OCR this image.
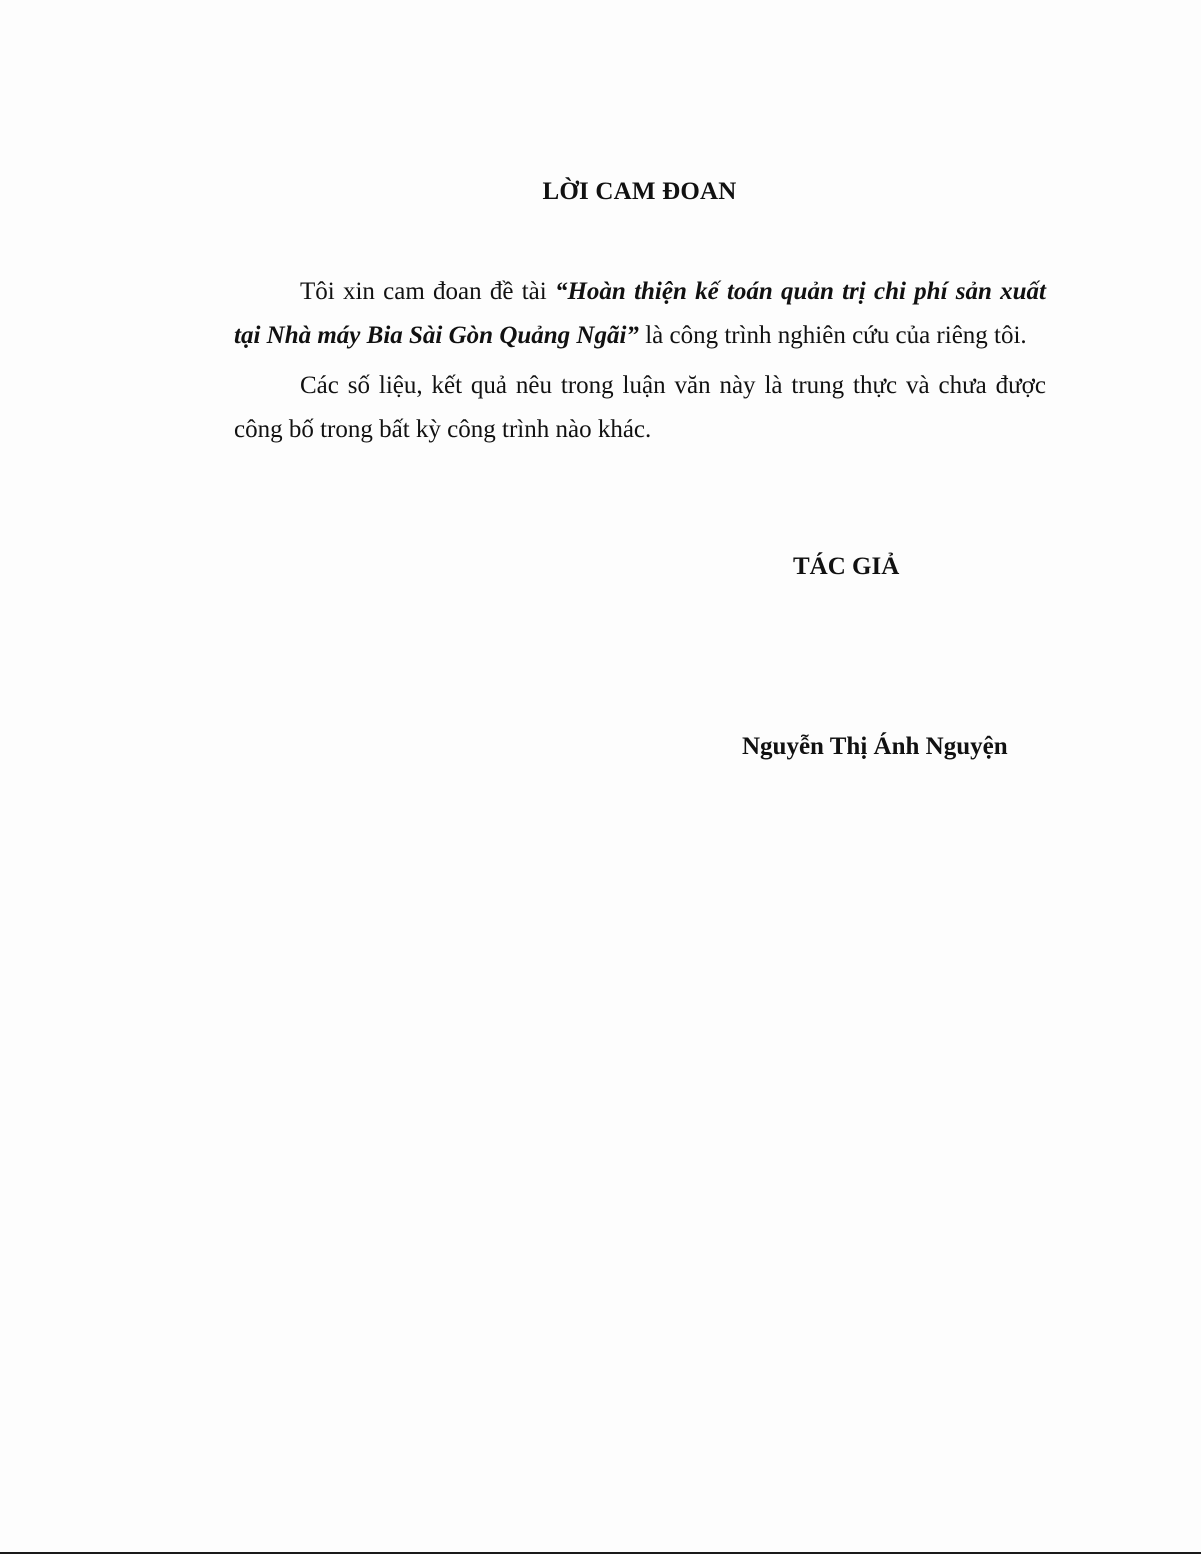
LỜI CAM ĐOAN

Tôi xin cam đoan đề tài “Hoàn thiện kế toán quản trị chi phí sản xuất tại Nhà máy Bia Sài Gòn Quảng Ngãi” là công trình nghiên cứu của riêng tôi.

Các số liệu, kết quả nêu trong luận văn này là trung thực và chưa được công bố trong bất kỳ công trình nào khác.

TÁC GIẢ
Nguyễn Thị Ánh Nguyện
